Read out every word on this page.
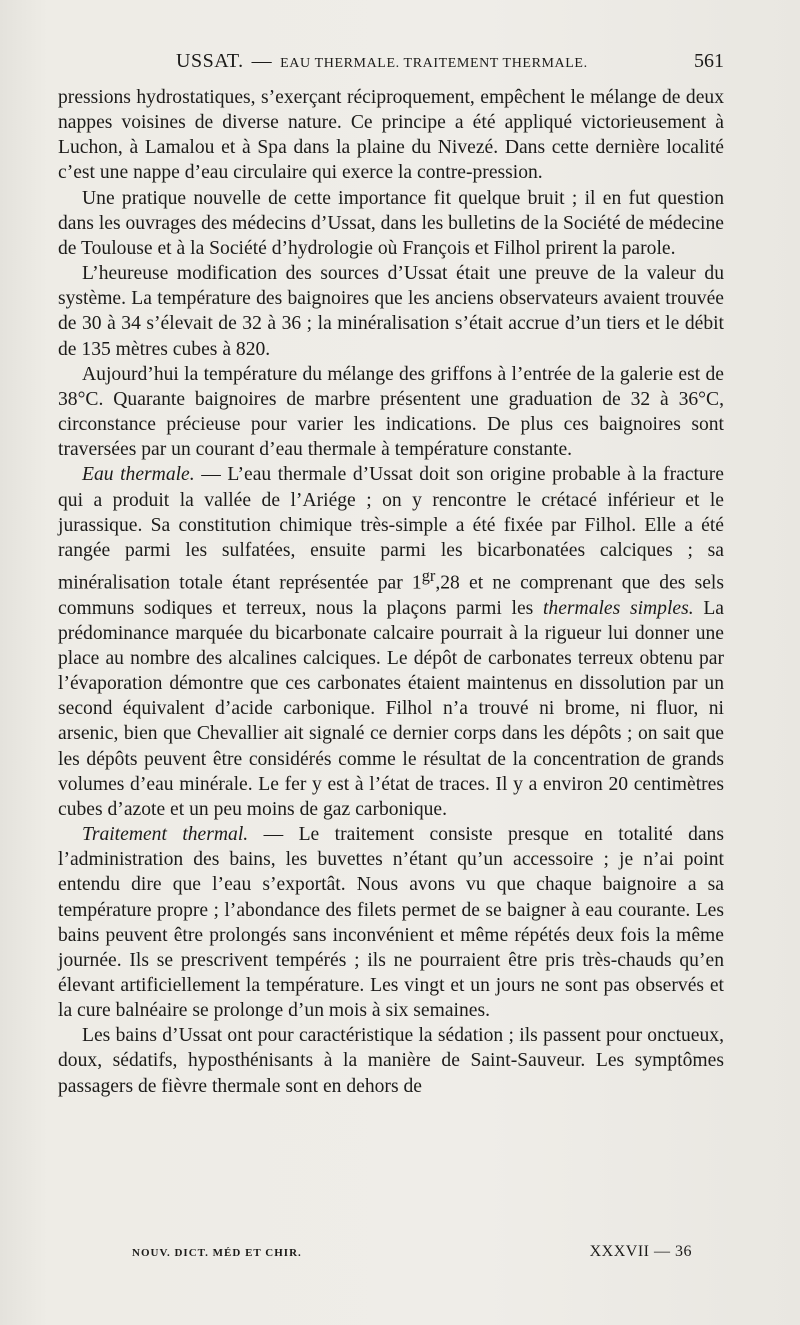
USSAT. — EAU THERMALE. TRAITEMENT THERMALE.	561

pressions hydrostatiques, s’exerçant réciproquement, empêchent le mélange de deux nappes voisines de diverse nature. Ce principe a été appliqué victorieusement à Luchon, à Lamalou et à Spa dans la plaine du Nivezé. Dans cette dernière localité c’est une nappe d’eau circulaire qui exerce la contre-pression.

Une pratique nouvelle de cette importance fit quelque bruit ; il en fut question dans les ouvrages des médecins d’Ussat, dans les bulletins de la Société de médecine de Toulouse et à la Société d’hydrologie où François et Filhol prirent la parole.

L’heureuse modification des sources d’Ussat était une preuve de la valeur du système. La température des baignoires que les anciens observateurs avaient trouvée de 30 à 34 s’élevait de 32 à 36 ; la minéralisation s’était accrue d’un tiers et le débit de 135 mètres cubes à 820.

Aujourd’hui la température du mélange des griffons à l’entrée de la galerie est de 38°C. Quarante baignoires de marbre présentent une graduation de 32 à 36°C, circonstance précieuse pour varier les indications. De plus ces baignoires sont traversées par un courant d’eau thermale à température constante.

Eau thermale. — L’eau thermale d’Ussat doit son origine probable à la fracture qui a produit la vallée de l’Ariége ; on y rencontre le crétacé inférieur et le jurassique. Sa constitution chimique très-simple a été fixée par Filhol. Elle a été rangée parmi les sulfatées, ensuite parmi les bicarbonatées calciques ; sa minéralisation totale étant représentée par $1^{gr},28$ et ne comprenant que des sels communs sodiques et terreux, nous la plaçons parmi les thermales simples. La prédominance marquée du bicarbonate calcaire pourrait à la rigueur lui donner une place au nombre des alcalines calciques. Le dépôt de carbonates terreux obtenu par l’évaporation démontre que ces carbonates étaient maintenus en dissolution par un second équivalent d’acide carbonique. Filhol n’a trouvé ni brome, ni fluor, ni arsenic, bien que Chevallier ait signalé ce dernier corps dans les dépôts ; on sait que les dépôts peuvent être considérés comme le résultat de la concentration de grands volumes d’eau minérale. Le fer y est à l’état de traces. Il y a environ 20 centimètres cubes d’azote et un peu moins de gaz carbonique.

Traitement thermal. — Le traitement consiste presque en totalité dans l’administration des bains, les buvettes n’étant qu’un accessoire ; je n’ai point entendu dire que l’eau s’exportât. Nous avons vu que chaque baignoire a sa température propre ; l’abondance des filets permet de se baigner à eau courante. Les bains peuvent être prolongés sans inconvénient et même répétés deux fois la même journée. Ils se prescrivent tempérés ; ils ne pourraient être pris très-chauds qu’en élevant artificiellement la température. Les vingt et un jours ne sont pas observés et la cure balnéaire se prolonge d’un mois à six semaines.

Les bains d’Ussat ont pour caractéristique la sédation ; ils passent pour onctueux, doux, sédatifs, hyposthénisants à la manière de Saint-Sauveur. Les symptômes passagers de fièvre thermale sont en dehors de

NOUV. DICT. MÉD ET CHIR.	XXXVII — 36
